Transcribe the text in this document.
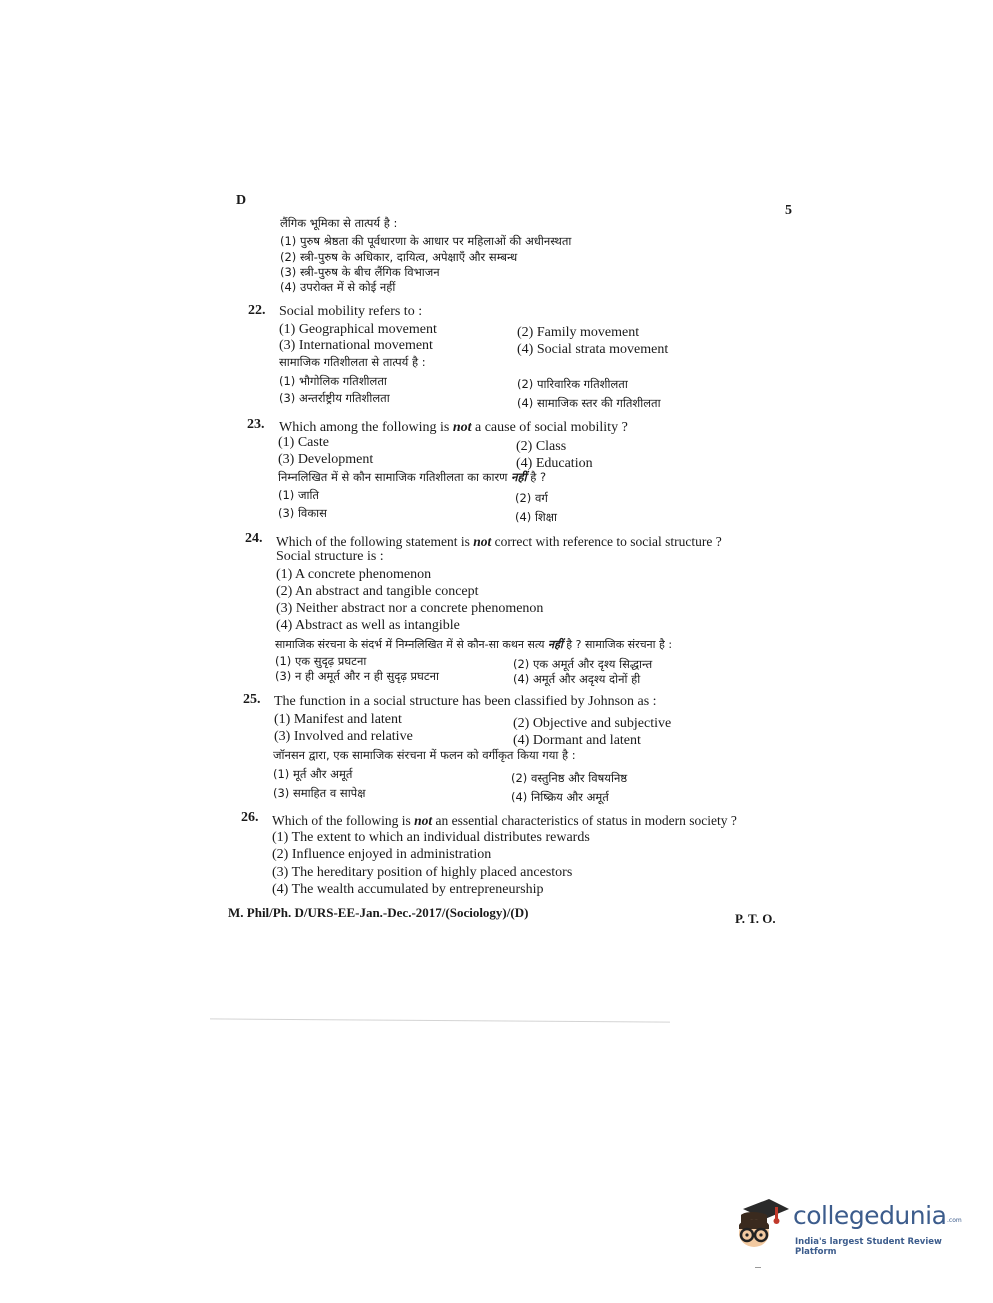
D
5
लैंगिक भूमिका से तात्पर्य है :
(1) पुरुष श्रेष्ठता की पूर्वधारणा के आधार पर महिलाओं की अधीनस्थता
(2) स्त्री-पुरुष के अधिकार, दायित्व, अपेक्षाएँ और सम्बन्ध
(3) स्त्री-पुरुष के बीच लैंगिक विभाजन
(4) उपरोक्त में से कोई नहीं
22. Social mobility refers to :
(1) Geographical movement	(2) Family movement
(3) International movement	(4) Social strata movement
सामाजिक गतिशीलता से तात्पर्य है :
(1) भौगोलिक गतिशीलता	(2) पारिवारिक गतिशीलता
(3) अन्तर्राष्ट्रीय गतिशीलता	(4) सामाजिक स्तर की गतिशीलता
23. Which among the following is not a cause of social mobility ?
(1) Caste	(2) Class
(3) Development	(4) Education
निम्नलिखित में से कौन सामाजिक गतिशीलता का कारण नहीं है ?
(1) जाति	(2) वर्ग
(3) विकास	(4) शिक्षा
24. Which of the following statement is not correct with reference to social structure ?
Social structure is :
(1) A concrete phenomenon
(2) An abstract and tangible concept
(3) Neither abstract nor a concrete phenomenon
(4) Abstract as well as intangible
सामाजिक संरचना के संदर्भ में निम्नलिखित में से कौन-सा कथन सत्य नहीं है ? सामाजिक संरचना है :
(1) एक सुदृढ़ प्रघटना	(2) एक अमूर्त और दृश्य सिद्धान्त
(3) न ही अमूर्त और न ही सुदृढ़ प्रघटना	(4) अमूर्त और अदृश्य दोनों ही
25. The function in a social structure has been classified by Johnson as :
(1) Manifest and latent	(2) Objective and subjective
(3) Involved and relative	(4) Dormant and latent
जॉनसन द्वारा, एक सामाजिक संरचना में फलन को वर्गीकृत किया गया है :
(1) मूर्त और अमूर्त	(2) वस्तुनिष्ठ और विषयनिष्ठ
(3) समाहित व सापेक्ष	(4) निष्क्रिय और अमूर्त
26. Which of the following is not an essential characteristics of status in modern society ?
(1) The extent to which an individual distributes rewards
(2) Influence enjoyed in administration
(3) The hereditary position of highly placed ancestors
(4) The wealth accumulated by entrepreneurship
M. Phil/Ph. D/URS-EE-Jan.-Dec.-2017/(Sociology)/(D)	P. T. O.
collegedunia .com
India's largest Student Review Platform
